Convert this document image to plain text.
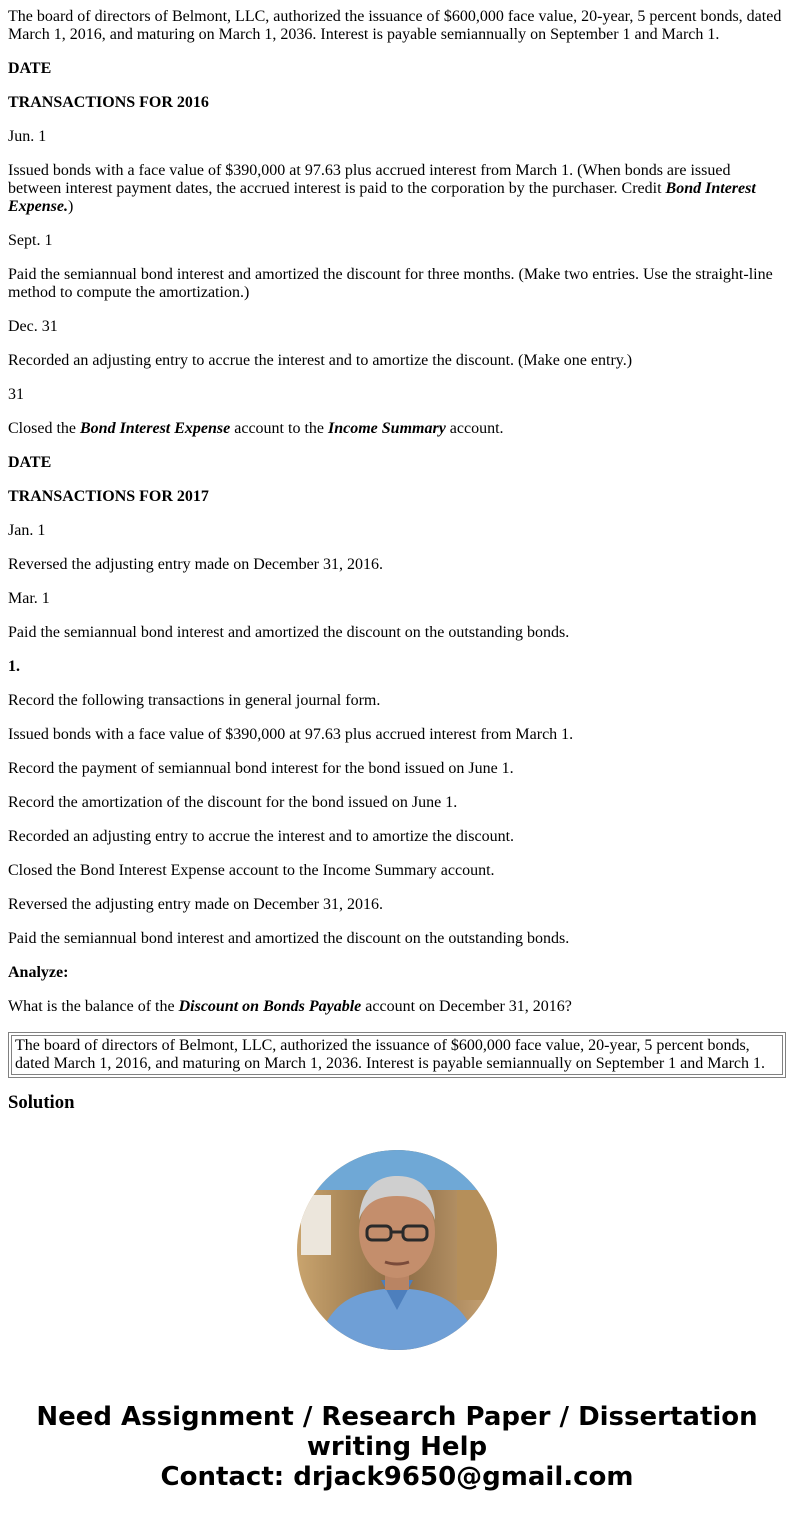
The board of directors of Belmont, LLC, authorized the issuance of $600,000 face value, 20-year, 5 percent bonds, dated March 1, 2016, and maturing on March 1, 2036. Interest is payable semiannually on September 1 and March 1.

DATE

TRANSACTIONS FOR 2016

Jun. 1

Issued bonds with a face value of $390,000 at 97.63 plus accrued interest from March 1. (When bonds are issued between interest payment dates, the accrued interest is paid to the corporation by the purchaser. Credit Bond Interest Expense.)

Sept. 1

Paid the semiannual bond interest and amortized the discount for three months. (Make two entries. Use the straight-line method to compute the amortization.)

Dec. 31

Recorded an adjusting entry to accrue the interest and to amortize the discount. (Make one entry.)

31

Closed the Bond Interest Expense account to the Income Summary account.

DATE

TRANSACTIONS FOR 2017

Jan. 1

Reversed the adjusting entry made on December 31, 2016.

Mar. 1

Paid the semiannual bond interest and amortized the discount on the outstanding bonds.

1.

Record the following transactions in general journal form.

Issued bonds with a face value of $390,000 at 97.63 plus accrued interest from March 1.

Record the payment of semiannual bond interest for the bond issued on June 1.

Record the amortization of the discount for the bond issued on June 1.

Recorded an adjusting entry to accrue the interest and to amortize the discount.

Closed the Bond Interest Expense account to the Income Summary account.

Reversed the adjusting entry made on December 31, 2016.

Paid the semiannual bond interest and amortized the discount on the outstanding bonds.

Analyze:

What is the balance of the Discount on Bonds Payable account on December 31, 2016?

The board of directors of Belmont, LLC, authorized the issuance of $600,000 face value, 20-year, 5 percent bonds, dated March 1, 2016, and maturing on March 1, 2036. Interest is payable semiannually on September 1 and March 1.
Solution
Need Assignment / Research Paper / Dissertation
writing Help
Contact: drjack9650@gmail.com
